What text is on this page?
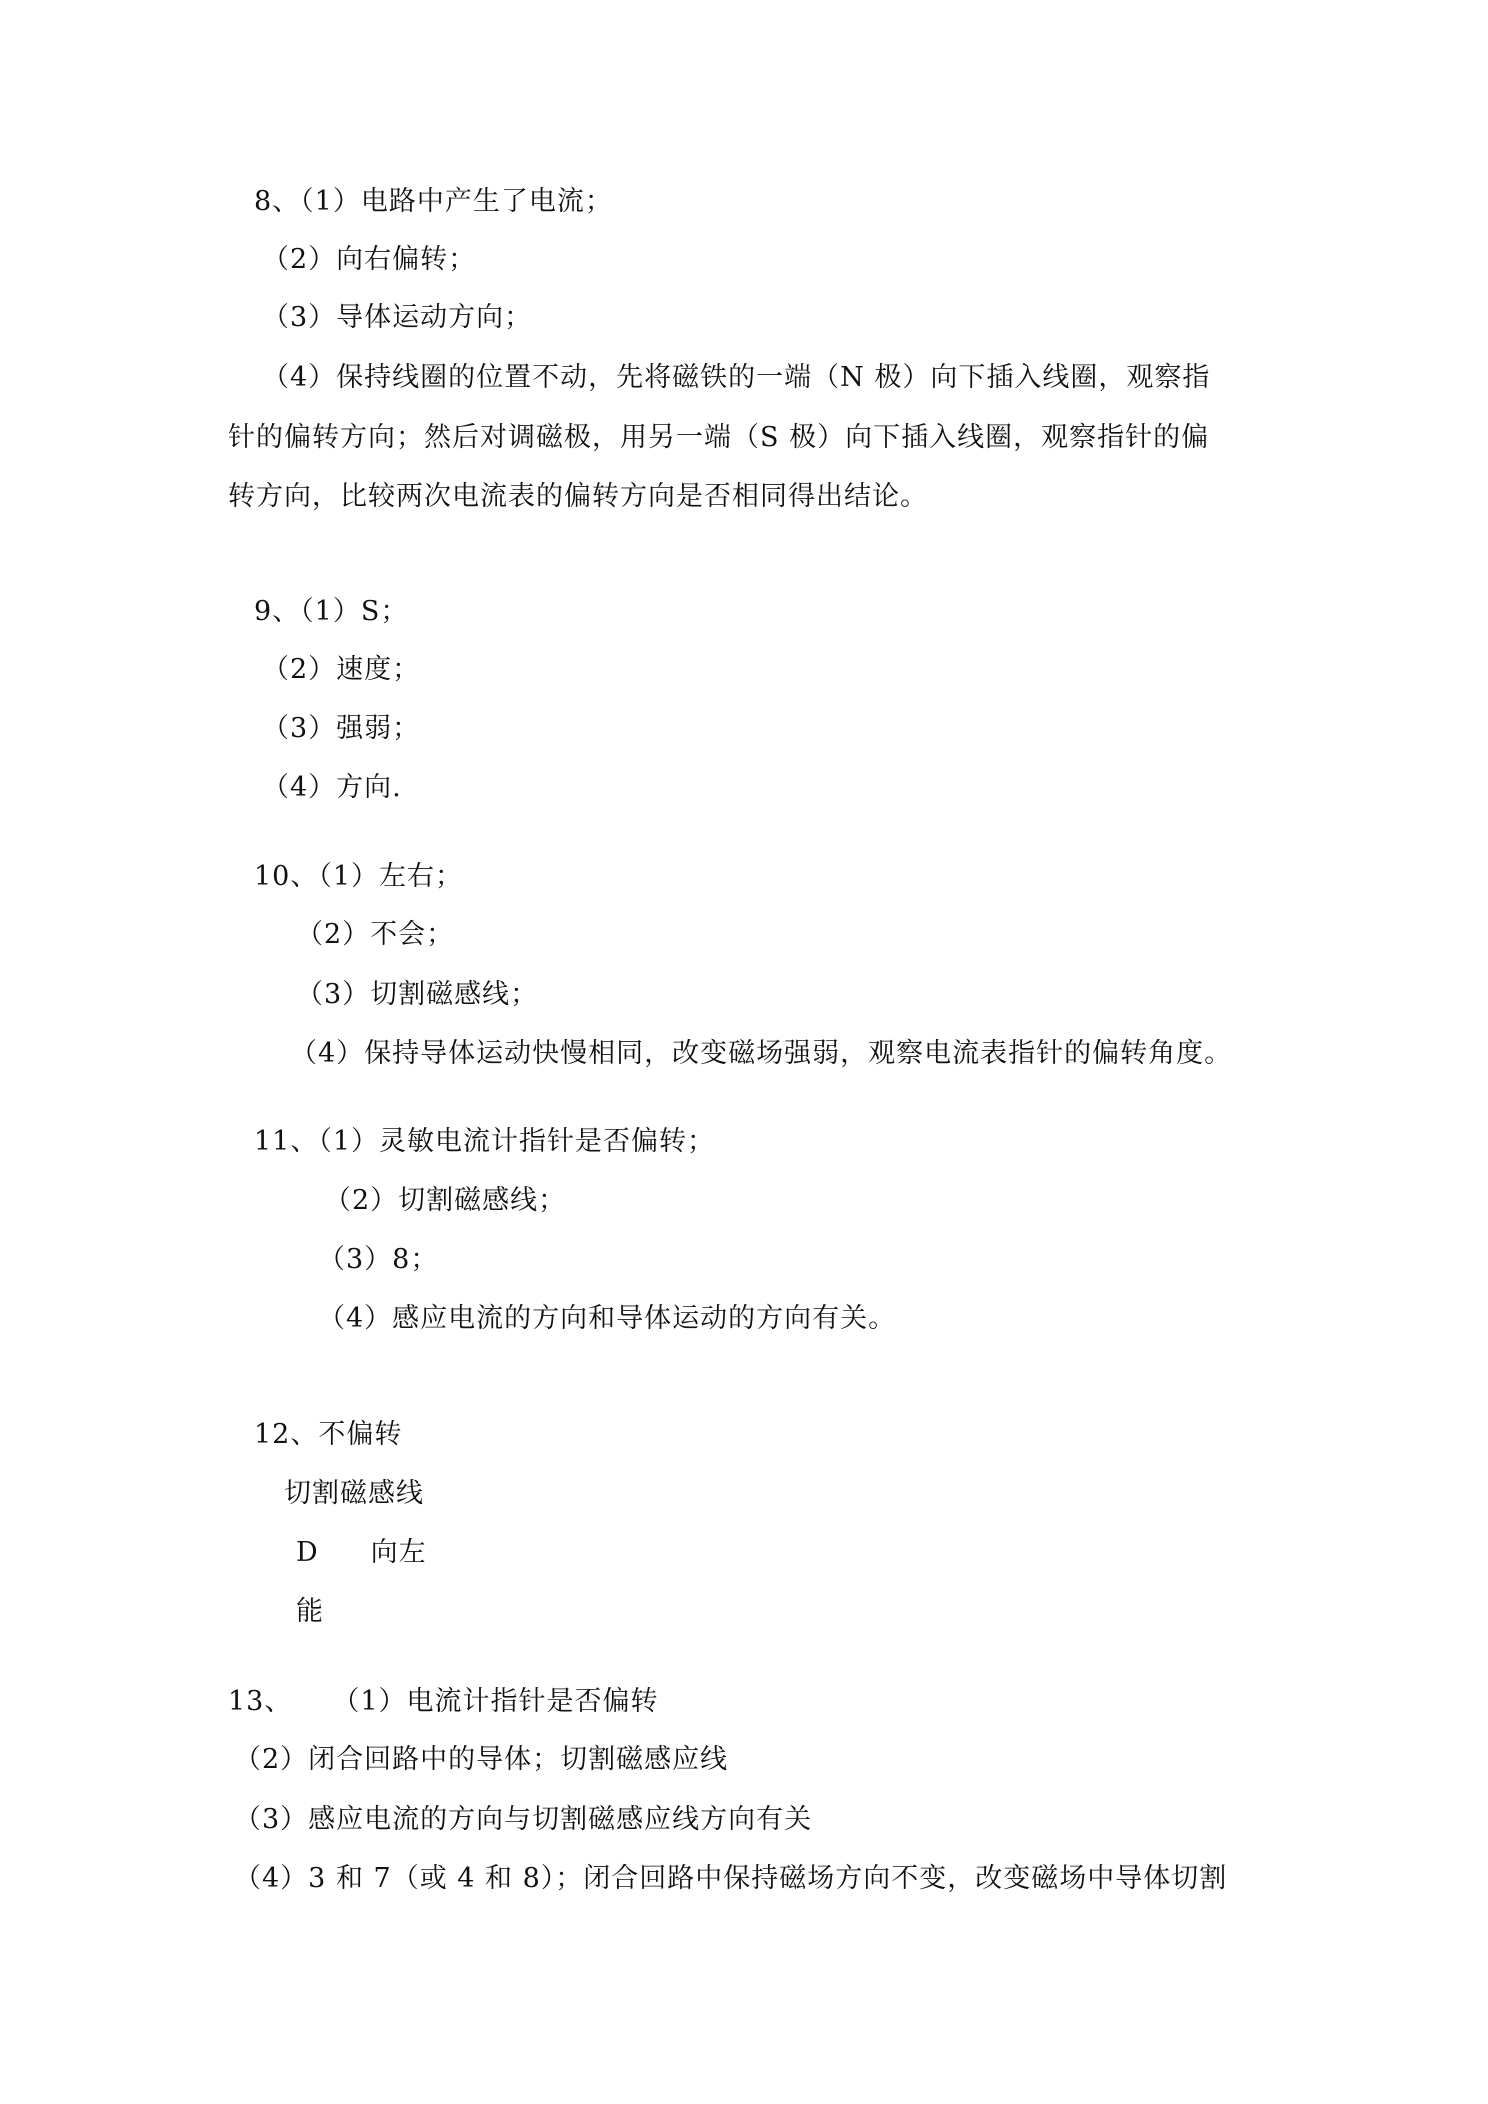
8、（1）电路中产生了电流；
（2）向右偏转；
（3）导体运动方向；
（4）保持线圈的位置不动，先将磁铁的一端（N 极）向下插入线圈，观察指
针的偏转方向；然后对调磁极，用另一端（S 极）向下插入线圈，观察指针的偏
转方向，比较两次电流表的偏转方向是否相同得出结论。
9、（1）S；
（2）速度；
（3）强弱；
（4）方向.
10、（1）左右；
（2）不会；
（3）切割磁感线；
（4）保持导体运动快慢相同，改变磁场强弱，观察电流表指针的偏转角度。
11、（1）灵敏电流计指针是否偏转；
（2）切割磁感线；
（3）8；
（4）感应电流的方向和导体运动的方向有关。
12、不偏转
切割磁感线
D 向左
能
13、 （1）电流计指针是否偏转
（2）闭合回路中的导体；切割磁感应线
（3）感应电流的方向与切割磁感应线方向有关
（4）3 和 7（或 4 和 8）；闭合回路中保持磁场方向不变，改变磁场中导体切割
